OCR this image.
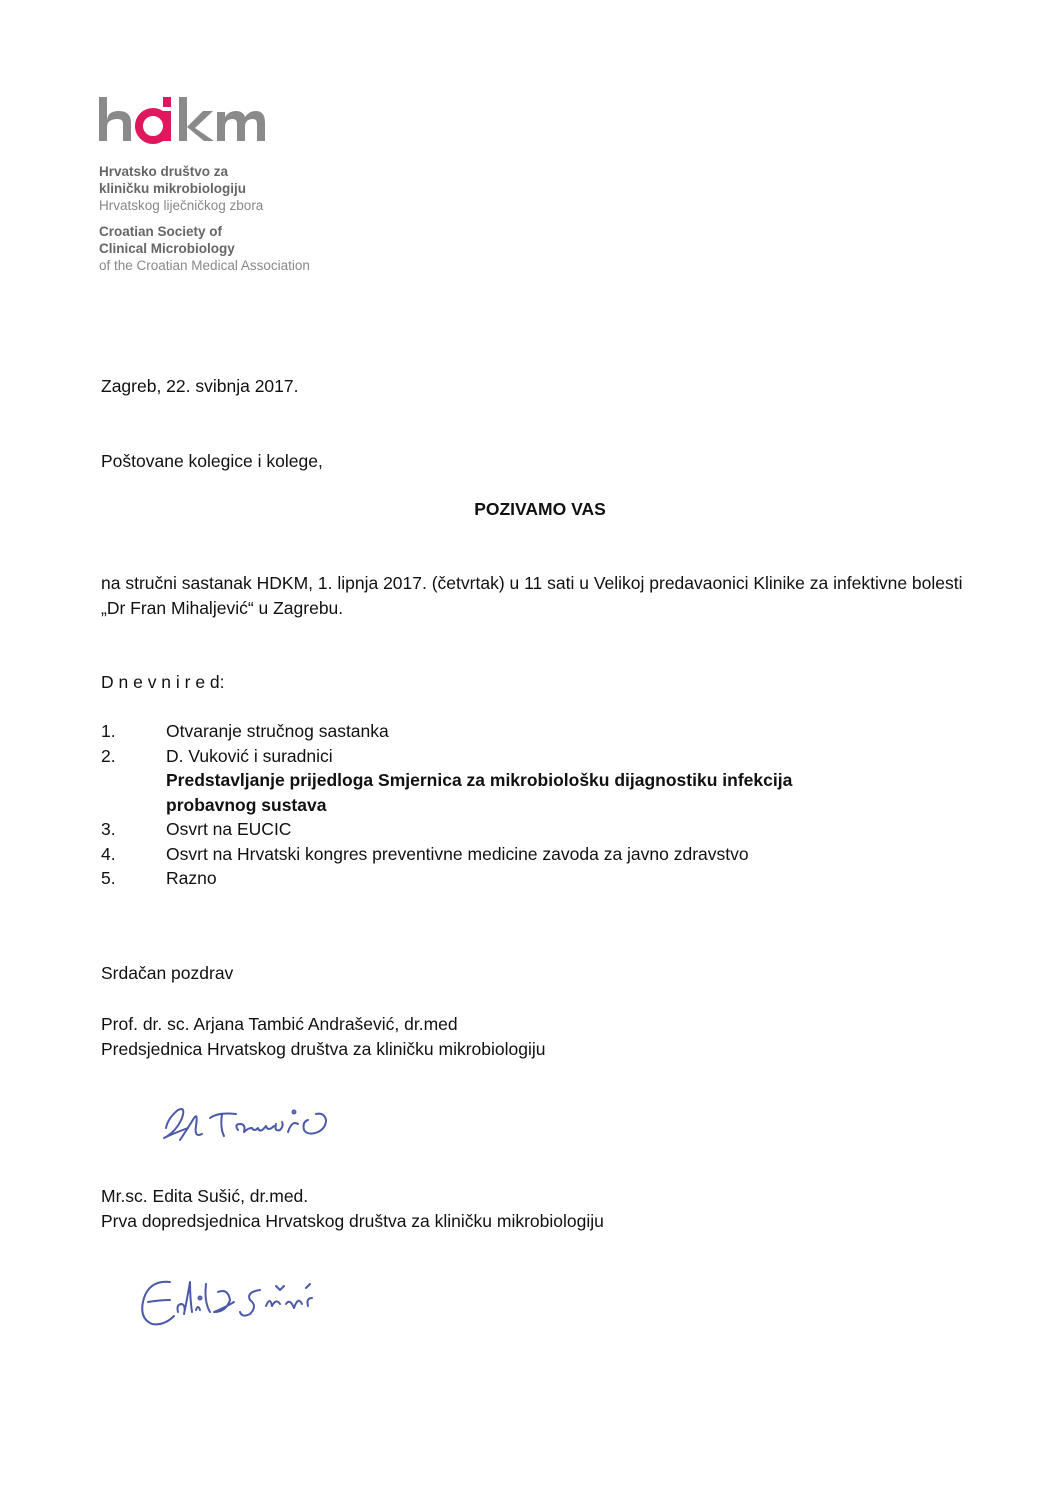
Hrvatsko društvo za
kliničku mikrobiologiju
Hrvatskog liječničkog zbora
Croatian Society of
Clinical Microbiology
of the Croatian Medical Association
Zagreb, 22. svibnja 2017.
Poštovane kolegice i kolege,
POZIVAMO VAS
na stručni sastanak HDKM, 1. lipnja 2017. (četvrtak) u 11 sati u Velikoj predavaonici Klinike za infektivne bolesti
„Dr Fran Mihaljević“ u Zagrebu.
D n e v n i r e d:
1.	Otvaranje stručnog sastanka
2.	D. Vuković i suradnici
Predstavljanje prijedloga Smjernica za mikrobiološku dijagnostiku infekcija
probavnog sustava
3.	Osvrt na EUCIC
4.	Osvrt na Hrvatski kongres preventivne medicine zavoda za javno zdravstvo
5.	Razno
Srdačan pozdrav
Prof. dr. sc. Arjana Tambić Andrašević, dr.med
Predsjednica Hrvatskog društva za kliničku mikrobiologiju
Mr.sc. Edita Sušić, dr.med.
Prva dopredsjednica Hrvatskog društva za kliničku mikrobiologiju
